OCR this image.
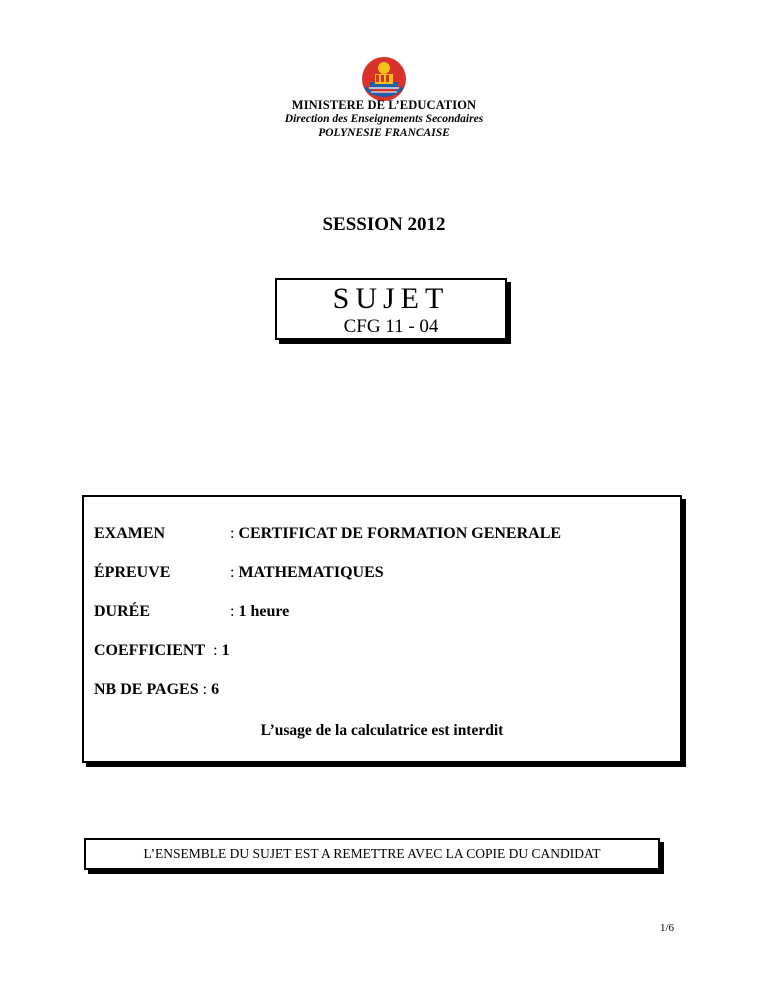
MINISTERE DE L’EDUCATION
Direction des Enseignements Secondaires
POLYNESIE FRANCAISE
SESSION 2012
SUJET
CFG 11 - 04
EXAMEN	: CERTIFICAT DE FORMATION GENERALE
ÉPREUVE	: MATHEMATIQUES
DURÉE	: 1 heure
COEFFICIENT : 1
NB DE PAGES : 6
L’usage de la calculatrice est interdit
L’ENSEMBLE DU SUJET EST A REMETTRE AVEC LA COPIE DU CANDIDAT
1/6
